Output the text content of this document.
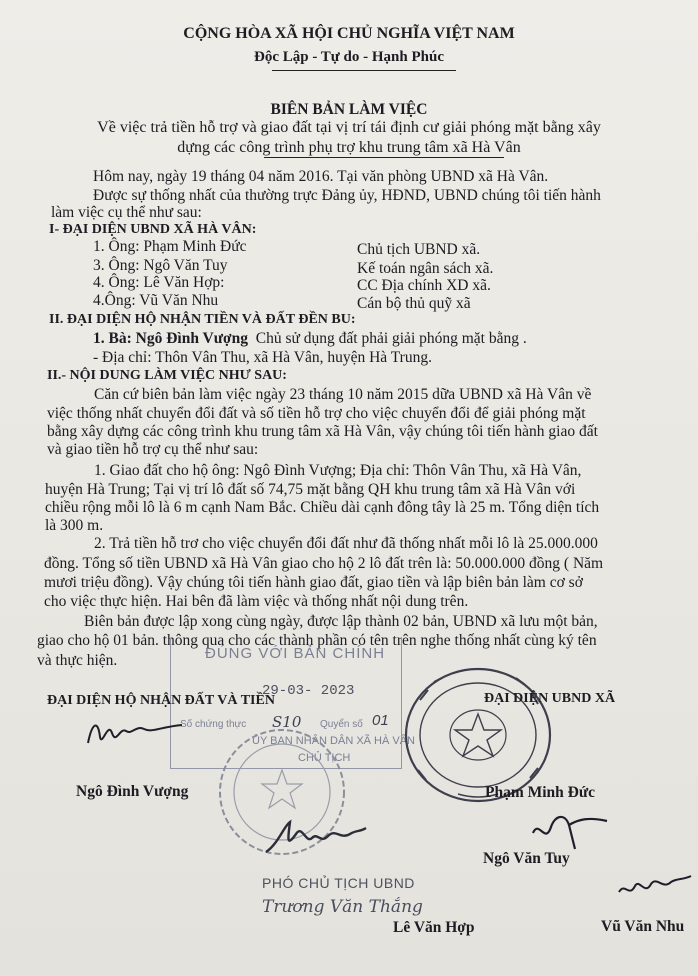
CỘNG HÒA XÃ HỘI CHỦ NGHĨA VIỆT NAM
Độc Lập - Tự do - Hạnh Phúc
BIÊN BẢN LÀM VIỆC
Về việc trả tiền hỗ trợ và giao đất tại vị trí tái định cư giải phóng mặt bằng xây
dựng các công trình phụ trợ khu trung tâm xã Hà Vân
Hôm nay, ngày 19 tháng 04 năm 2016. Tại văn phòng UBND xã Hà Vân.
Được sự thống nhất của thường trực Đảng ủy, HĐND, UBND chúng tôi tiến hành
làm việc cụ thể như sau:
I- ĐẠI DIỆN UBND XÃ HÀ VÂN:
1. Ông: Phạm Minh Đức	Chủ tịch UBND xã.
3. Ông: Ngô Văn Tuy	Kế toán ngân sách xã.
4. Ông: Lê Văn Hợp:	CC Địa chính XD xã.
4.Ông: Vũ Văn Nhu	Cán bộ thủ quỹ xã
II. ĐẠI DIỆN HỘ NHẬN TIỀN VÀ ĐẤT ĐỀN BU:
1. Bà: Ngô Đình Vượng Chủ sử dụng đất phải giải phóng mặt bằng .
- Địa chỉ: Thôn Vân Thu, xã Hà Vân, huyện Hà Trung.
II.- NỘI DUNG LÀM VIỆC NHƯ SAU:
Căn cứ biên bản làm việc ngày 23 tháng 10 năm 2015 dữa UBND xã Hà Vân về
việc thống nhất chuyển đổi đất và số tiền hỗ trợ cho việc chuyển đổi để giải phóng mặt
bằng xây dựng các công trình khu trung tâm xã Hà Vân, vậy chúng tôi tiến hành giao đất
và giao tiền hỗ trợ cụ thể như sau:
1. Giao đất cho hộ ông: Ngô Đình Vượng; Địa chỉ: Thôn Vân Thu, xã Hà Vân,
huyện Hà Trung; Tại vị trí lô đất số 74,75 mặt bằng QH khu trung tâm xã Hà Vân với
chiều rộng mỗi lô là 6 m cạnh Nam Bắc. Chiều dài cạnh đông tây là 25 m. Tổng diện tích
là 300 m.
2. Trả tiền hỗ trơ cho việc chuyển đổi đất như đã thống nhất mỗi lô là 25.000.000
đồng. Tổng số tiền UBND xã Hà Vân giao cho hộ 2 lô đất trên là: 50.000.000 đồng ( Năm
mươi triệu đồng). Vậy chúng tôi tiến hành giao đất, giao tiền và lập biên bản làm cơ sở
cho việc thực hiện. Hai bên đã làm việc và thống nhất nội dung trên.
Biên bản được lập xong cùng ngày, được lập thành 02 bản, UBND xã lưu một bản,
giao cho hộ 01 bản. thông qua cho các thành phần có tên trên nghe thống nhất cùng ký tên
và thực hiện.	ĐÚNG VỚI BẢN CHÍNH
29-03- 2023
Số chứng thực S10 Quyển số 01
ỦY BAN NHÂN DÂN XÃ HÀ VÂN
CHỦ TỊCH
ĐẠI DIỆN HỘ NHẬN ĐẤT VÀ TIỀN	ĐẠI DIỆN UBND XÃ
Ngô Đình Vượng	Phạm Minh Đức
Ngô Văn Tuy
PHÓ CHỦ TỊCH UBND
Trương Văn Thắng
Lê Văn Hợp	Vũ Văn Nhu
